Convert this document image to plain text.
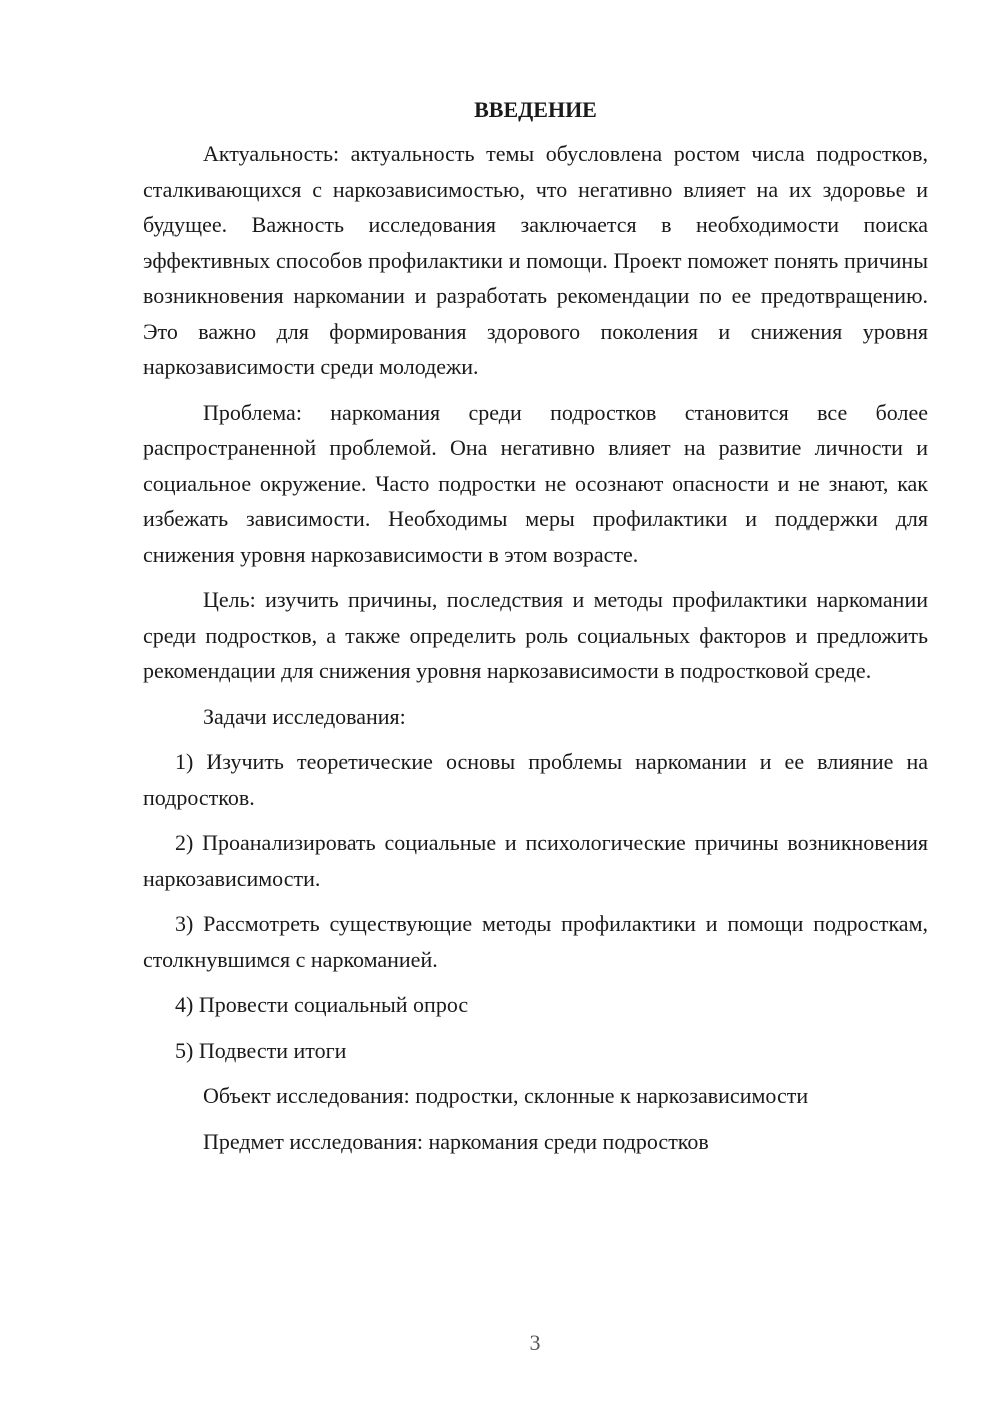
ВВЕДЕНИЕ

Актуальность: актуальность темы обусловлена ростом числа подростков, сталкивающихся с наркозависимостью, что негативно влияет на их здоровье и будущее. Важность исследования заключается в необходимости поиска эффективных способов профилактики и помощи. Проект поможет понять причины возникновения наркомании и разработать рекомендации по ее предотвращению. Это важно для формирования здорового поколения и снижения уровня наркозависимости среди молодежи.

Проблема: наркомания среди подростков становится все более распространенной проблемой. Она негативно влияет на развитие личности и социальное окружение. Часто подростки не осознают опасности и не знают, как избежать зависимости. Необходимы меры профилактики и поддержки для снижения уровня наркозависимости в этом возрасте.

Цель: изучить причины, последствия и методы профилактики наркомании среди подростков, а также определить роль социальных факторов и предложить рекомендации для снижения уровня наркозависимости в подростковой среде.

Задачи исследования:

1) Изучить теоретические основы проблемы наркомании и ее влияние на подростков.

2) Проанализировать социальные и психологические причины возникновения наркозависимости.

3) Рассмотреть существующие методы профилактики и помощи подросткам, столкнувшимся с наркоманией.

4) Провести социальный опрос

5) Подвести итоги

Объект исследования: подростки, склонные к наркозависимости

Предмет исследования: наркомания среди подростков

3
